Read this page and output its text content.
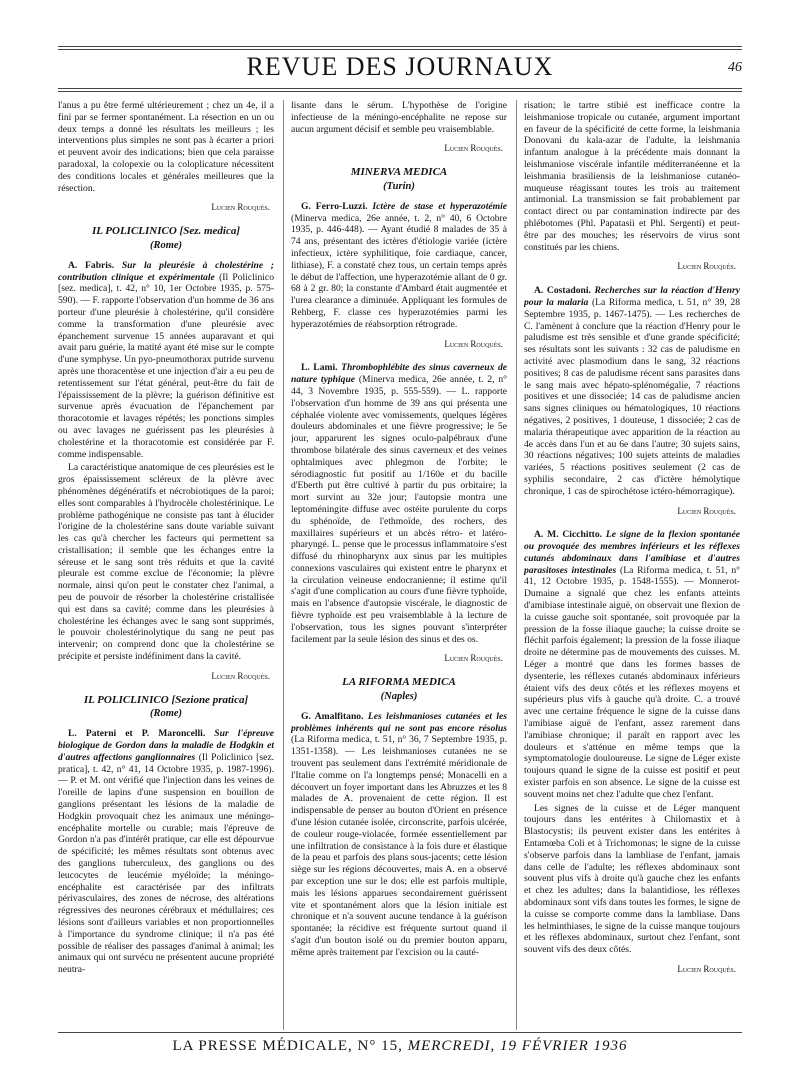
REVUE DES JOURNAUX	46

l'anus a pu être fermé ultérieurement ; chez un 4e, il a fini par se fermer spontanément. La résection en un ou deux temps a donné les résultats les meilleurs ; les interventions plus simples ne sont pas à écarter a priori et peuvent avoir des indications; bien que cela paraisse paradoxal, la colopexie ou la coloplicature nécessitent des conditions locales et générales meilleures que la résection.

Lucien Rouquès.
IL POLICLINICO [Sez. medica]
(Rome)

A. Fabris. Sur la pleurésie à cholestérine ; contribution clinique et expérimentale (Il Policlinico [sez. medica], t. 42, n° 10, 1er Octobre 1935, p. 575-590). — F. rapporte l'observation d'un homme de 36 ans porteur d'une pleurésie à cholestérine, qu'il considère comme la transformation d'une pleurésie avec épanchement survenue 15 années auparavant et qui avait paru guérie, la matité ayant été mise sur le compte d'une symphyse. Un pyo-pneumothorax putride survenu après une thoracentèse et une injection d'air a eu peu de retentissement sur l'état général, peut-être du fait de l'épaississement de la plèvre; la guérison définitive est survenue après évacuation de l'épanchement par thoracotomie et lavages répétés; les ponctions simples ou avec lavages ne guérissent pas les pleurésies à cholestérine et la thoracotomie est considérée par F. comme indispensable.

La caractéristique anatomique de ces pleurésies est le gros épaississement scléreux de la plèvre avec phénomènes dégénératifs et nécrobiotiques de la paroi; elles sont comparables à l'hydrocèle cholestérinique. Le problème pathogénique ne consiste pas tant à élucider l'origine de la cholestérine sans doute variable suivant les cas qu'à chercher les facteurs qui permettent sa cristallisation; il semble que les échanges entre la séreuse et le sang sont très réduits et que la cavité pleurale est comme exclue de l'économie; la plèvre normale, ainsi qu'on peut le constater chez l'animal, a peu de pouvoir de résorber la cholestérine cristallisée qui est dans sa cavité; comme dans les pleurésies à cholestérine les échanges avec le sang sont supprimés, le pouvoir cholestérinolytique du sang ne peut pas intervenir; on comprend donc que la cholestérine se précipite et persiste indéfiniment dans la cavité.

Lucien Rouquès.
IL POLICLINICO [Sezione pratica]
(Rome)

L. Paterni et P. Maroncelli. Sur l'épreuve biologique de Gordon dans la maladie de Hodgkin et d'autres affections ganglionnaires (Il Policlinico [sez. pratica], t. 42, n° 41, 14 Octobre 1935, p. 1987-1996). — P. et M. ont vérifié que l'injection dans les veines de l'oreille de lapins d'une suspension en bouillon de ganglions présentant les lésions de la maladie de Hodgkin provoquait chez les animaux une méningo-encéphalite mortelle ou curable; mais l'épreuve de Gordon n'a pas d'intérêt pratique, car elle est dépourvue de spécificité; les mêmes résultats sont obtenus avec des ganglions tuberculeux, des ganglions ou des leucocytes de leucémie myéloïde; la méningo-encéphalite est caractérisée par des infiltrats périvasculaires, des zones de nécrose, des altérations régressives des neurones cérébraux et médullaires; ces lésions sont d'ailleurs variables et non proportionnelles à l'importance du syndrome clinique; il n'a pas été possible de réaliser des passages d'animal à animal; les animaux qui ont survécu ne présentent aucune propriété neutra-

lisante dans le sérum. L'hypothèse de l'origine infectieuse de la méningo-encéphalite ne repose sur aucun argument décisif et semble peu vraisemblable.

Lucien Rouquès.
MINERVA MEDICA
(Turin)

G. Ferro-Luzzi. Ictère de stase et hyperazotémie (Minerva medica, 26e année, t. 2, n° 40, 6 Octobre 1935, p. 446-448). — Ayant étudié 8 malades de 35 à 74 ans, présentant des ictères d'étiologie variée (ictère infectieux, ictère syphilitique, foie cardiaque, cancer, lithiase), F. a constaté chez tous, un certain temps après le début de l'affection, une hyperazotémie allant de 0 gr. 68 à 2 gr. 80; la constante d'Ambard était augmentée et l'urea clearance a diminuée. Appliquant les formules de Rehberg, F. classe ces hyperazotémies parmi les hyperazotémies de réabsorption rétrograde.

Lucien Rouquès.

L. Lami. Thrombophlébite des sinus caverneux de nature typhique (Minerva medica, 26e année, t. 2, n° 44, 3 Novembre 1935, p. 555-559). — L. rapporte l'observation d'un homme de 39 ans qui présenta une céphalée violente avec vomissements, quelques légères douleurs abdominales et une fièvre progressive; le 5e jour, apparurent les signes oculo-palpébraux d'une thrombose bilatérale des sinus caverneux et des veines ophtalmiques avec phlegmon de l'orbite; le sérodiagnostic fut positif au 1/160e et du bacille d'Eberth put être cultivé à partir du pus orbitaire; la mort survint au 32e jour; l'autopsie montra une leptoméningite diffuse avec ostéite purulente du corps du sphénoïde, de l'ethmoïde, des rochers, des maxillaires supérieurs et un abcès rétro- et latéro-pharyngé. L. pense que le processus inflammatoire s'est diffusé du rhinopharynx aux sinus par les multiples connexions vasculaires qui existent entre le pharynx et la circulation veineuse endocranienne; il estime qu'il s'agit d'une complication au cours d'une fièvre typhoïde, mais en l'absence d'autopsie viscérale, le diagnostic de fièvre typhoïde est peu vraisemblable à la lecture de l'observation, tous les signes pouvant s'interpréter facilement par la seule lésion des sinus et des os.

Lucien Rouquès.
LA RIFORMA MEDICA
(Naples)

G. Amalfitano. Les leishmanioses cutanées et les problèmes inhérents qui ne sont pas encore résolus (La Riforma medica, t. 51, n° 36, 7 Septembre 1935, p. 1351-1358). — Les leishmanioses cutanées ne se trouvent pas seulement dans l'extrémité méridionale de l'Italie comme on l'a longtemps pensé; Monacelli en a découvert un foyer important dans les Abruzzes et les 8 malades de A. provenaient de cette région. Il est indispensable de penser au bouton d'Orient en présence d'une lésion cutanée isolée, circonscrite, parfois ulcérée, de couleur rouge-violacée, formée essentiellement par une infiltration de consistance à la fois dure et élastique de la peau et parfois des plans sous-jacents; cette lésion siège sur les régions découvertes, mais A. en a observé par exception une sur le dos; elle est parfois multiple, mais les lésions apparues secondairement guérissent vite et spontanément alors que la lésion initiale est chronique et n'a souvent aucune tendance à la guérison spontanée; la récidive est fréquente surtout quand il s'agit d'un bouton isolé ou du premier bouton apparu, même après traitement par l'excision ou la cauté-

risation; le tartre stibié est inefficace contre la leishmaniose tropicale ou cutanée, argument important en faveur de la spécificité de cette forme, la leishmania Donovani du kala-azar de l'adulte, la leishmania infantum analogue à la précédente mais donnant la leishmaniose viscérale infantile méditerranéenne et la leishmania brasiliensis de la leishmaniose cutanéo-muqueuse réagissant toutes les trois au traitement antimonial. La transmission se fait probablement par contact direct ou par contamination indirecte par des phlébotomes (Phl. Papatasii et Phl. Sergenti) et peut-être par des mouches; les réservoirs de virus sont constitués par les chiens.

Lucien Rouquès.

A. Costadoni. Recherches sur la réaction d'Henry pour la malaria (La Riforma medica, t. 51, n° 39, 28 Septembre 1935, p. 1467-1475). — Les recherches de C. l'amènent à conclure que la réaction d'Henry pour le paludisme est très sensible et d'une grande spécificité; ses résultats sont les suivants : 32 cas de paludisme en activité avec plasmodium dans le sang, 32 réactions positives; 8 cas de paludisme récent sans parasites dans le sang mais avec hépato-splénomégalie, 7 réactions positives et une dissociée; 14 cas de paludisme ancien sans signes cliniques ou hématologiques, 10 réactions négatives, 2 positives, 1 douteuse, 1 dissociée; 2 cas de malaria thérapeutique avec apparition de la réaction au 4e accès dans l'un et au 6e dans l'autre; 30 sujets sains, 30 réactions négatives; 100 sujets atteints de maladies variées, 5 réactions positives seulement (2 cas de syphilis secondaire, 2 cas d'ictère hémolytique chronique, 1 cas de spirochétose ictéro-hémorragique).

Lucien Rouquès.

A. M. Cicchitto. Le signe de la flexion spontanée ou provoquée des membres inférieurs et les réflexes cutanés abdominaux dans l'amibiase et d'autres parasitoses intestinales (La Riforma medica, t. 51, n° 41, 12 Octobre 1935, p. 1548-1555). — Monnerot-Dumaine a signalé que chez les enfants atteints d'amibiase intestinale aiguë, on observait une flexion de la cuisse gauche soit spontanée, soit provoquée par la pression de la fosse iliaque gauche; la cuisse droite se fléchit parfois également; la pression de la fosse iliaque droite ne détermine pas de mouvements des cuisses. M. Léger a montré que dans les formes basses de dysenterie, les réflexes cutanés abdominaux inférieurs étaient vifs des deux côtés et les réflexes moyens et supérieurs plus vifs à gauche qu'à droite. C. a trouvé avec une certaine fréquence le signe de la cuisse dans l'amibiase aiguë de l'enfant, assez rarement dans l'amibiase chronique; il paraît en rapport avec les douleurs et s'atténue en même temps que la symptomatologie douloureuse. Le signe de Léger existe toujours quand le signe de la cuisse est positif et peut exister parfois en son absence. Le signe de la cuisse est souvent moins net chez l'adulte que chez l'enfant.

Les signes de la cuisse et de Léger manquent toujours dans les entérites à Chilomastix et à Blastocystis; ils peuvent exister dans les entérites à Entamœba Coli et à Trichomonas; le signe de la cuisse s'observe parfois dans la lambliase de l'enfant, jamais dans celle de l'adulte; les réflexes abdominaux sont souvent plus vifs à droite qu'à gauche chez les enfants et chez les adultes; dans la balantidiose, les réflexes abdominaux sont vifs dans toutes les formes, le signe de la cuisse se comporte comme dans la lambliase. Dans les helminthiases, le signe de la cuisse manque toujours et les réflexes abdominaux, surtout chez l'enfant, sont souvent vifs des deux côtés.

Lucien Rouquès.
LA PRESSE MÉDICALE, N° 15, MERCREDI, 19 FÉVRIER 1936
